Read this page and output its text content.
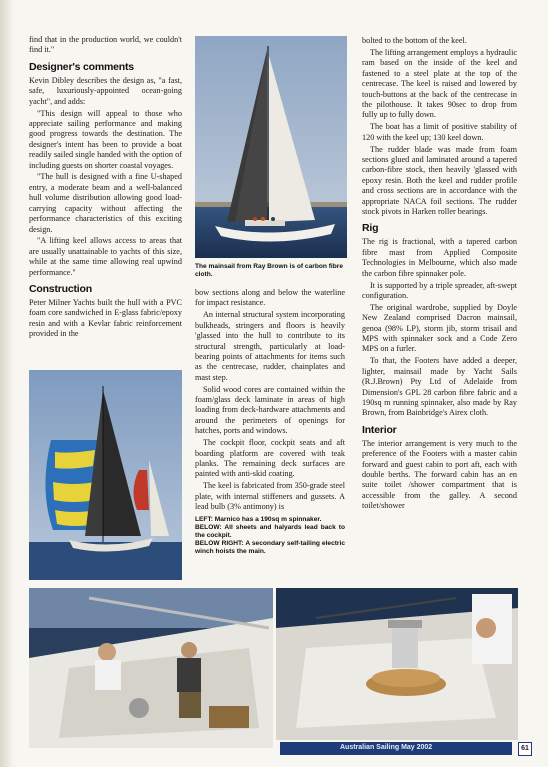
find that in the production world, we couldn't find it."

Designer's comments

Kevin Dibley describes the design as, "a fast, safe, luxuriously-appointed ocean-going yacht", and adds:

"This design will appeal to those who appreciate sailing performance and making good progress towards the destination. The designer's intent has been to provide a boat readily sailed single handed with the option of including guests on shorter coastal voyages.

"The hull is designed with a fine U-shaped entry, a moderate beam and a well-balanced hull volume distribution allowing good load-carrying capacity without affecting the performance characteristics of this exciting design.

"A lifting keel allows access to areas that are usually unattainable to yachts of this size, while at the same time allowing real upwind performance."

Construction

Peter Milner Yachts built the hull with a PVC foam core sandwiched in E-glass fabric/epoxy resin and with a Kevlar fabric reinforcement provided in the

The mainsail from Ray Brown is of carbon fibre cloth.

bow sections along and below the waterline for impact resistance.

An internal structural system incorporating bulkheads, stringers and floors is heavily 'glassed into the hull to contribute to its structural strength, particularly at load-bearing points of attachments for items such as the centrecase, rudder, chainplates and mast step.

Solid wood cores are contained within the foam/glass deck laminate in areas of high loading from deck-hardware attachments and around the perimeters of openings for hatches, ports and windows.

The cockpit floor, cockpit seats and aft boarding platform are covered with teak planks. The remaining deck surfaces are painted with anti-skid coating.

The keel is fabricated from 350-grade steel plate, with internal stiffeners and gussets. A lead bulb (3% antimony) is

LEFT: Marnico has a 190sq m spinnaker.
BELOW: All sheets and halyards lead back to the cockpit.
BELOW RIGHT: A secondary self-tailing electric winch hoists the main.

bolted to the bottom of the keel.

The lifting arrangement employs a hydraulic ram based on the inside of the keel and fastened to a steel plate at the top of the centrecase. The keel is raised and lowered by touch-buttons at the back of the centrecase in the pilothouse. It takes 90sec to drop from fully up to fully down.

The boat has a limit of positive stability of 120 with the keel up; 130 keel down.

The rudder blade was made from foam sections glued and laminated around a tapered carbon-fibre stock, then heavily 'glassed with epoxy resin. Both the keel and rudder profile and cross sections are in accordance with the appropriate NACA foil sections. The rudder stock pivots in Harken roller bearings.

Rig

The rig is fractional, with a tapered carbon fibre mast from Applied Composite Technologies in Melbourne, which also made the carbon fibre spinnaker pole.

It is supported by a triple spreader, aft-swept configuration.

The original wardrobe, supplied by Doyle New Zealand comprised Dacron mainsail, genoa (98% LP), storm jib, storm trisail and MPS with spinnaker sock and a Code Zero MPS on a furler.

To that, the Footers have added a deeper, lighter, mainsail made by Yacht Sails (R.J.Brown) Pty Ltd of Adelaide from Dimension's GPL 28 carbon fibre fabric and a 190sq m running spinnaker, also made by Ray Brown, from Bainbridge's Airex cloth.

Interior

The interior arrangement is very much to the preference of the Footers with a master cabin forward and guest cabin to port aft, each with double berths. The forward cabin has an en suite toilet /shower compartment that is accessible from the galley. A second toilet/shower

Australian Sailing May 2002	61
